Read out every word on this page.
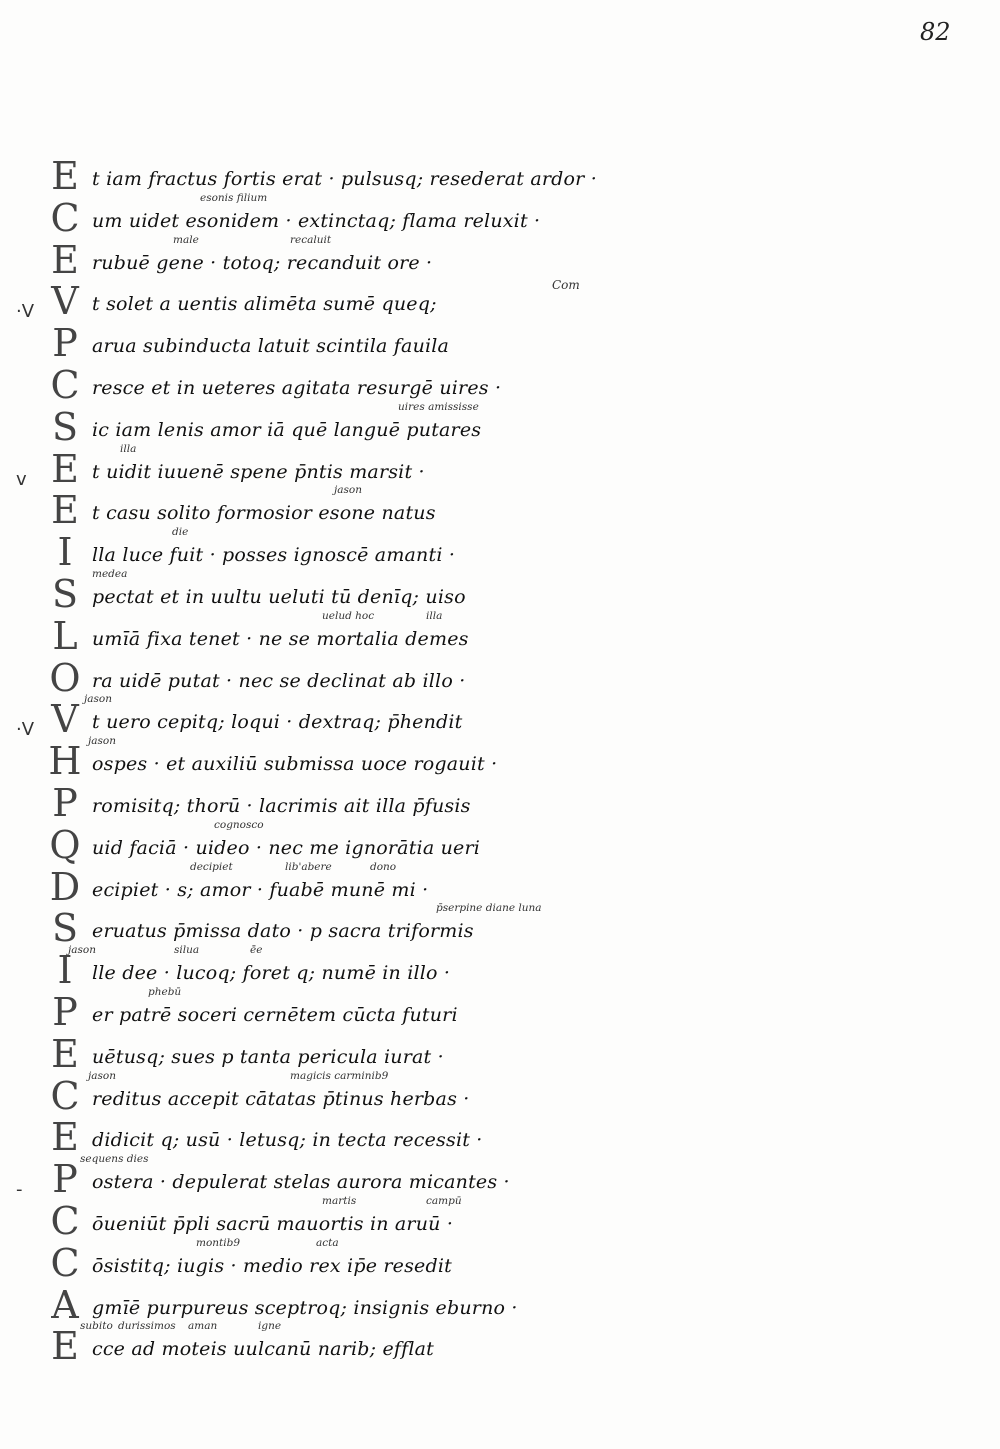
82
Com
E t iam fractus fortis erat · pulsusq; resederat ardor ·
C um uidet esonidem · extinctaq; flama reluxit ·
esonis filium
E rubuē gene · totoq; recanduit ore ·
male	recaluit
·V V t solet a uentis alimēta sumē queq;
P arua subinducta latuit scintila fauila
C resce et in ueteres agitata resurgē uires ·
S ic iam lenis amor iā quē languē putares
uires amississe
v E t uidit iuuenē spene p̄ntis marsit ·
illa
E t casu solito formosior esone natus
jason
I	lla luce fuit · posses ignoscē amanti ·
die
S pectat et in uultu ueluti tū denīq; uiso
medea
L umīā fixa tenet · ne se mortalia demes
uelud hoc	illa
O ra uidē putat · nec se declinat ab illo ·
·V V t uero cepitq; loqui · dextraq; p̄hendit
jason
H ospes · et auxiliū submissa uoce rogauit ·
jason
P romisitq; thorū · lacrimis ait illa p̄fusis
Q uid faciā · uideo · nec me ignorātia ueri
cognosco
D ecipiet · s; amor · fuabē munē mi ·
decipiet	lib'abere	dono
S eruatus p̄missa dato · p sacra triformis
p̄serpine diane luna
I	lle dee · lucoq; foret q; numē in illo ·
jason	silua	ē̄e
P er patrē soceri cernētem cūcta futuri
phebū
E uētusq; sues p tanta pericula iurat ·
C reditus accepit cātatas p̄tinus herbas ·
jason	magicis carminib9
E didicit q; usū · letusq; in tecta recessit ·
- P ostera · depulerat stelas aurora micantes ·
sequens dies
C ōueniūt p̄pli sacrū mauortis in aruū ·
martis	campū
C ōsistitq; iugis · medio rex ip̄e resedit
montib9	acta
A gmīē purpureus sceptroq; insignis eburno ·
E cce ad moteis uulcanū narib; efflat
subito durissimos aman	igne
